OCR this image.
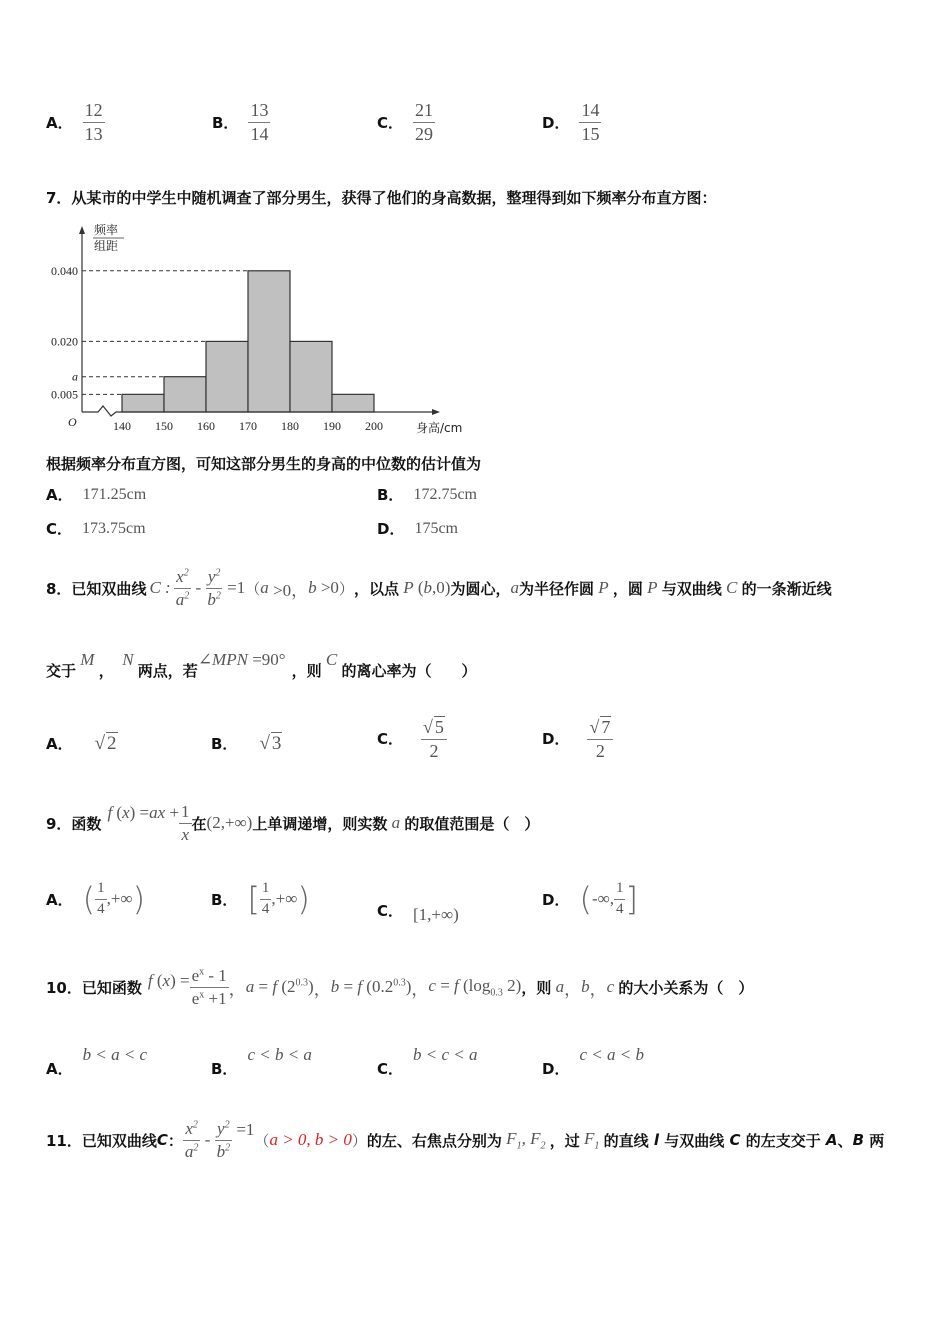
A． $\frac{12}{13}$	B． $\frac{13}{14}$	C． $\frac{21}{29}$	D． $\frac{14}{15}$
7．从某市的中学生中随机调查了部分男生，获得了他们的身高数据，整理得到如下频率分布直方图：
0.005
a
0.020
0.040
140 150 160 170 180 190 200
O
频率
组距
身高/cm
根据频率分布直方图，可知这部分男生的身高的中位数的估计值为
A． 171.25cm	B． 172.75cm
C． 173.75cm	D． 175cm
8．已知双曲线 C : $\frac{x^2}{a^2} - \frac{y^2}{b^2} =1$ （ a >0， b >0 ） ，以点 P ( b ,0) 为圆心， a 为半径作圆 P ，圆 P 与双曲线 C 的一条渐近线
交于
M
，
N
两点，若
∠MPN =90°
，则
C
的离心率为（　　）
A． √ 2	B． √ 3	C． $\frac{√ 5}{2}$	D． $\frac{√ 7}{2}$
9．函数
f $(x) =ax + \frac{1}{x}$ 在 (2,+∞) 上单调递增，则实数 a 的取值范围是（　）
A． ( $\frac{1}{4}$ ,+∞ )	B． [ $\frac{1}{4}$ ,+∞ )	C． [1,+∞)
D． ( -∞, $\frac{1}{4}$ ]
10．已知函数 f $(x) = \frac{e^x - 1}{e^x +1}$ ， a = f $(2^{0.3})$ ， b = f $(0.2^{0.3})$ ， c = f ($\log_{0.3}$ 2) ，则 a ， b ， c 的大小关系为（　）
A．
b < a < c
B．
c < b < a
C．
b < c < a
D．
c < a < b
11．已知双曲线 C ： $\frac{x^2}{a^2} - \frac{y^2}{b^2} =1$
（ a > 0, b > 0 ） 的左、右焦点分别为 $F_1$, $F_2$ ，过 $F_1$ 的直线 l 与双曲线 C 的左支交于 A 、 B 两
